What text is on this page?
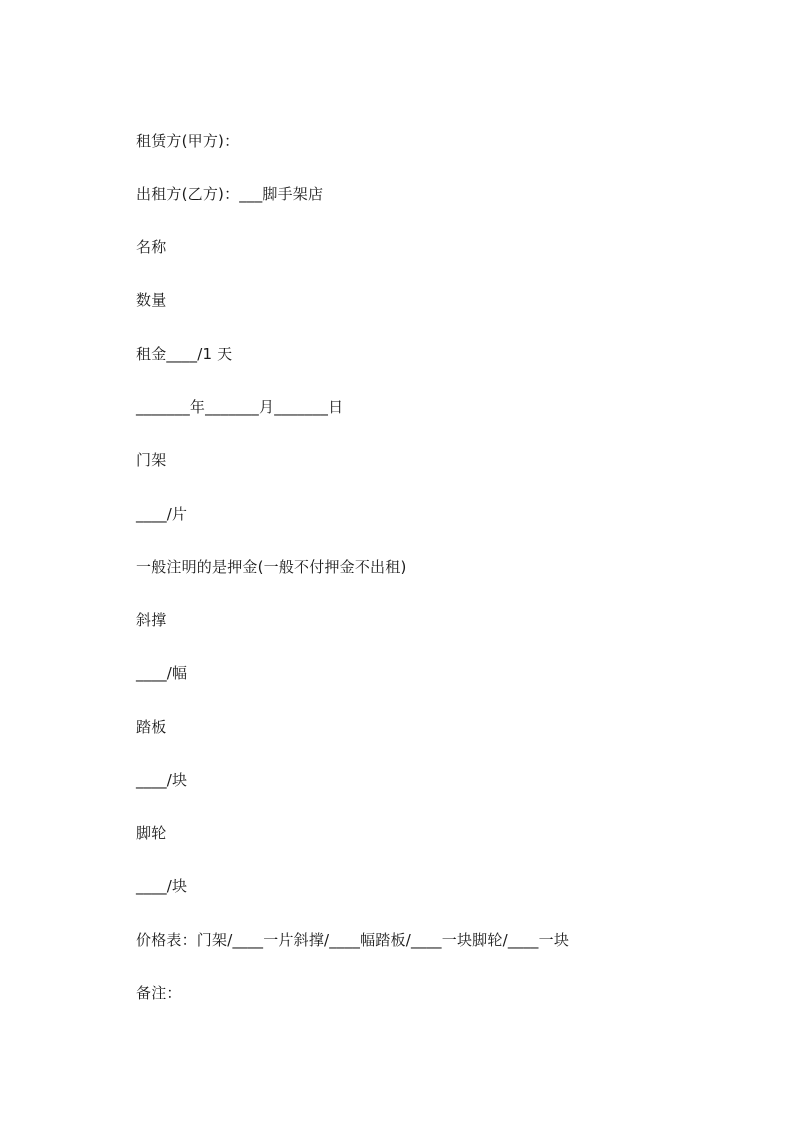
租赁方(甲方)：
出租方(乙方)：___脚手架店
名称
数量
租金____/1 天
_______年_______月_______日
门架
____/片
一般注明的是押金(一般不付押金不出租)
斜撑
____/幅
踏板
____/块
脚轮
____/块
价格表：门架/____一片斜撑/____幅踏板/____一块脚轮/____一块
备注：
